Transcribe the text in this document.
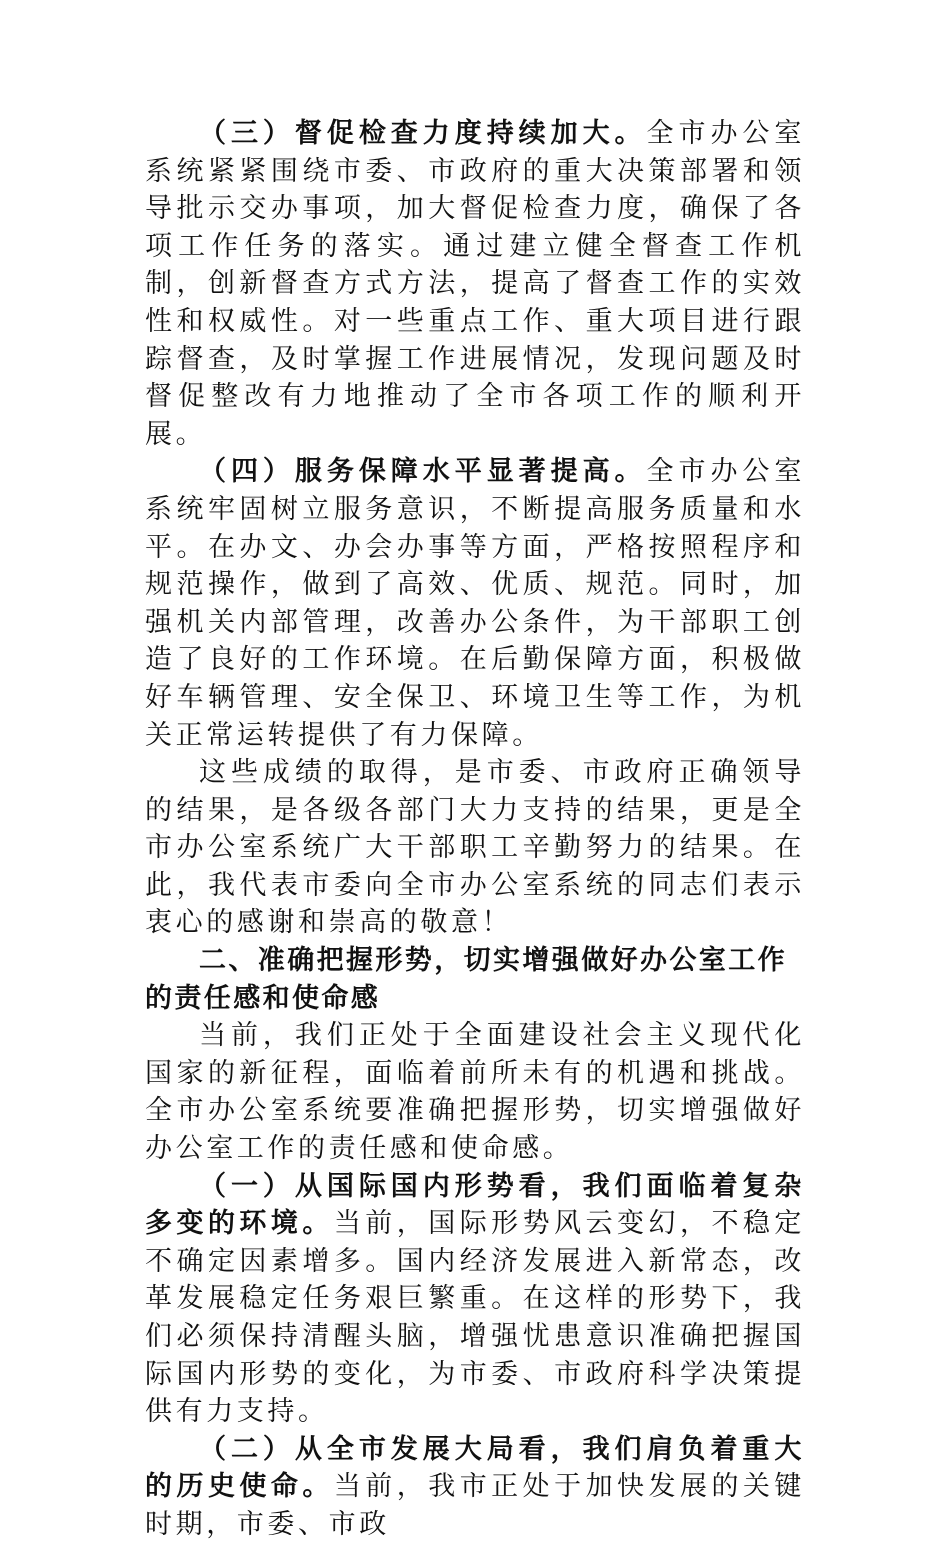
（三）督促检查力度持续加大。全市办公室系统紧紧围绕市委、市政府的重大决策部署和领导批示交办事项，加大督促检查力度，确保了各项工作任务的落实。通过建立健全督查工作机制，创新督查方式方法，提高了督查工作的实效性和权威性。对一些重点工作、重大项目进行跟踪督查，及时掌握工作进展情况，发现问题及时督促整改有力地推动了全市各项工作的顺利开展。

（四）服务保障水平显著提高。全市办公室系统牢固树立服务意识，不断提高服务质量和水平。在办文、办会办事等方面，严格按照程序和规范操作，做到了高效、优质、规范。同时，加强机关内部管理，改善办公条件，为干部职工创造了良好的工作环境。在后勤保障方面，积极做好车辆管理、安全保卫、环境卫生等工作，为机关正常运转提供了有力保障。

这些成绩的取得，是市委、市政府正确领导的结果，是各级各部门大力支持的结果，更是全市办公室系统广大干部职工辛勤努力的结果。在此，我代表市委向全市办公室系统的同志们表示衷心的感谢和崇高的敬意！

二、准确把握形势，切实增强做好办公室工作的责任感和使命感

当前，我们正处于全面建设社会主义现代化国家的新征程，面临着前所未有的机遇和挑战。全市办公室系统要准确把握形势，切实增强做好办公室工作的责任感和使命感。

（一）从国际国内形势看，我们面临着复杂多变的环境。当前，国际形势风云变幻，不稳定不确定因素增多。国内经济发展进入新常态，改革发展稳定任务艰巨繁重。在这样的形势下，我们必须保持清醒头脑，增强忧患意识准确把握国际国内形势的变化，为市委、市政府科学决策提供有力支持。

（二）从全市发展大局看，我们肩负着重大的历史使命。当前，我市正处于加快发展的关键时期，市委、市政
